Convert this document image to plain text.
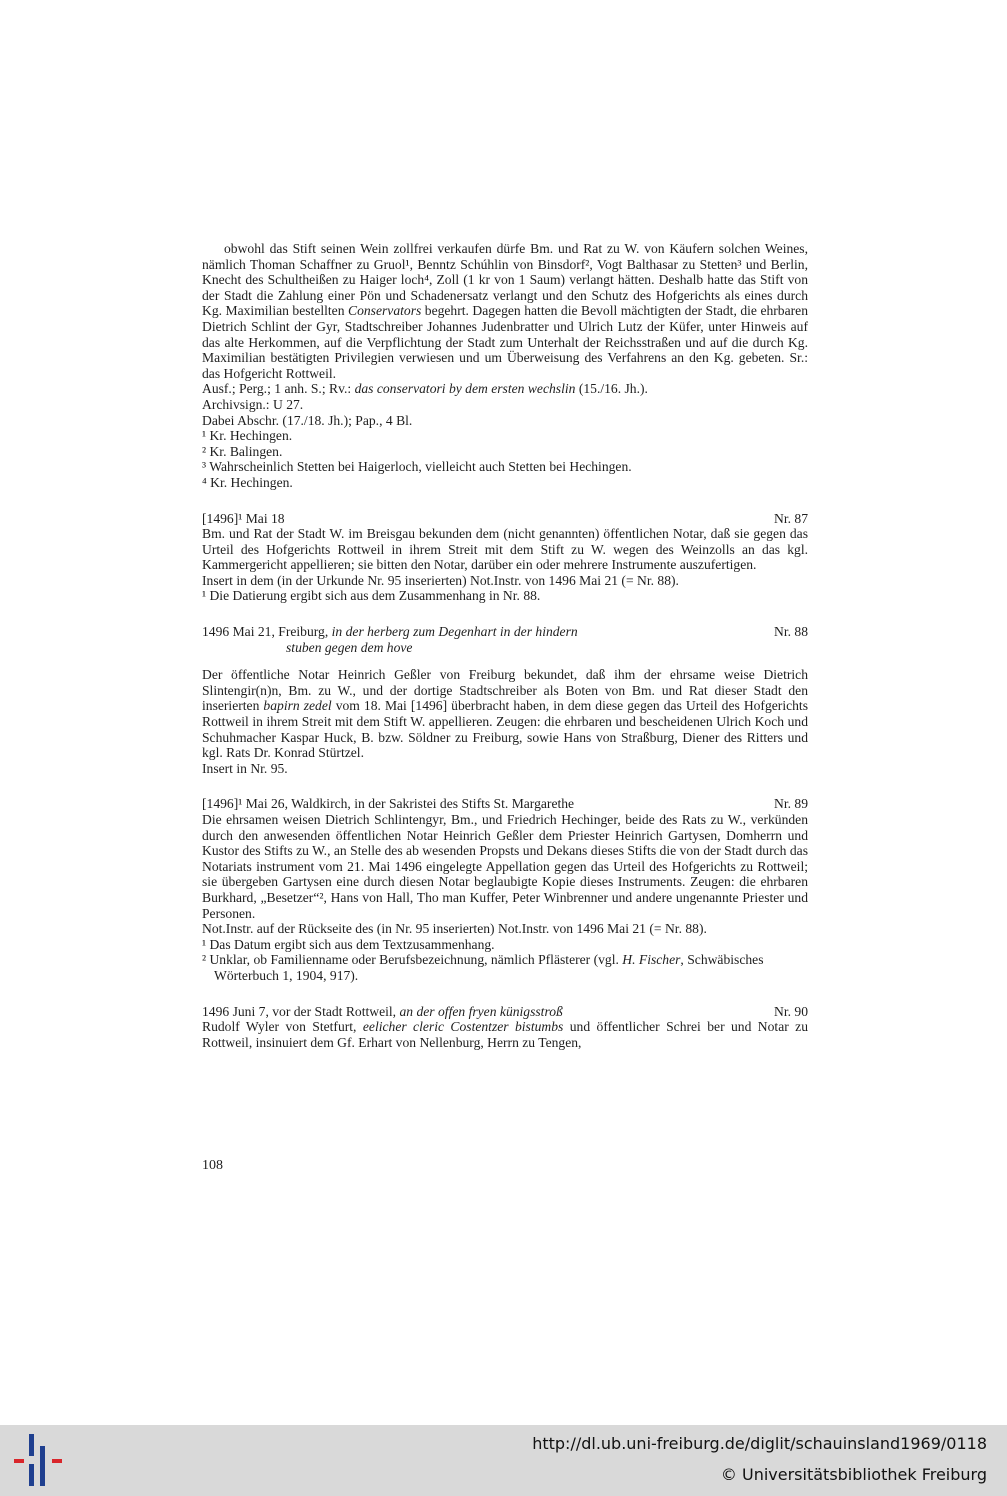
obwohl das Stift seinen Wein zollfrei verkaufen dürfe Bm. und Rat zu W. von Käufern solchen Weines, nämlich Thoman Schaffner zu Gruol¹, Benntz Schúhlin von Binsdorf², Vogt Balthasar zu Stetten³ und Berlin, Knecht des Schultheißen zu Haiger loch⁴, Zoll (1 kr von 1 Saum) verlangt hätten. Deshalb hatte das Stift von der Stadt die Zahlung einer Pön und Schadenersatz verlangt und den Schutz des Hofgerichts als eines durch Kg. Maximilian bestellten Conservators begehrt. Dagegen hatten die Bevoll mächtigten der Stadt, die ehrbaren Dietrich Schlint der Gyr, Stadtschreiber Johannes Judenbratter und Ulrich Lutz der Küfer, unter Hinweis auf das alte Herkommen, auf die Verpflichtung der Stadt zum Unterhalt der Reichsstraßen und auf die durch Kg. Maximilian bestätigten Privilegien verwiesen und um Überweisung des Verfahrens an den Kg. gebeten. Sr.: das Hofgericht Rottweil.

Ausf.; Perg.; 1 anh. S.; Rv.: das conservatori by dem ersten wechslin (15./16. Jh.).

Archivsign.: U 27.

Dabei Abschr. (17./18. Jh.); Pap., 4 Bl.

¹ Kr. Hechingen.

² Kr. Balingen.

³ Wahrscheinlich Stetten bei Haigerloch, vielleicht auch Stetten bei Hechingen.

⁴ Kr. Hechingen.

[1496]¹ Mai 18	Nr. 87

Bm. und Rat der Stadt W. im Breisgau bekunden dem (nicht genannten) öffentlichen Notar, daß sie gegen das Urteil des Hofgerichts Rottweil in ihrem Streit mit dem Stift zu W. wegen des Weinzolls an das kgl. Kammergericht appellieren; sie bitten den Notar, darüber ein oder mehrere Instrumente auszufertigen.

Insert in dem (in der Urkunde Nr. 95 inserierten) Not.Instr. von 1496 Mai 21 (= Nr. 88).

¹ Die Datierung ergibt sich aus dem Zusammenhang in Nr. 88.

1496 Mai 21, Freiburg, in der herberg zum Degenhart in der hindern	Nr. 88

stuben gegen dem hove

Der öffentliche Notar Heinrich Geßler von Freiburg bekundet, daß ihm der ehrsame weise Dietrich Slintengir(n)n, Bm. zu W., und der dortige Stadtschreiber als Boten von Bm. und Rat dieser Stadt den inserierten bapirn zedel vom 18. Mai [1496] überbracht haben, in dem diese gegen das Urteil des Hofgerichts Rottweil in ihrem Streit mit dem Stift W. appellieren. Zeugen: die ehrbaren und bescheidenen Ulrich Koch und Schuhmacher Kaspar Huck, B. bzw. Söldner zu Freiburg, sowie Hans von Straßburg, Diener des Ritters und kgl. Rats Dr. Konrad Stürtzel.

Insert in Nr. 95.

[1496]¹ Mai 26, Waldkirch, in der Sakristei des Stifts St. Margarethe	Nr. 89

Die ehrsamen weisen Dietrich Schlintengyr, Bm., und Friedrich Hechinger, beide des Rats zu W., verkünden durch den anwesenden öffentlichen Notar Heinrich Geßler dem Priester Heinrich Gartysen, Domherrn und Kustor des Stifts zu W., an Stelle des ab wesenden Propsts und Dekans dieses Stifts die von der Stadt durch das Notariats instrument vom 21. Mai 1496 eingelegte Appellation gegen das Urteil des Hofgerichts zu Rottweil; sie übergeben Gartysen eine durch diesen Notar beglaubigte Kopie dieses Instruments. Zeugen: die ehrbaren Burkhard, „Besetzer“², Hans von Hall, Tho man Kuffer, Peter Winbrenner und andere ungenannte Priester und Personen.

Not.Instr. auf der Rückseite des (in Nr. 95 inserierten) Not.Instr. von 1496 Mai 21 (= Nr. 88).

¹ Das Datum ergibt sich aus dem Textzusammenhang.

² Unklar, ob Familienname oder Berufsbezeichnung, nämlich Pflästerer (vgl. H. Fischer, Schwäbisches Wörterbuch 1, 1904, 917).

1496 Juni 7, vor der Stadt Rottweil, an der offen fryen künigsstroß	Nr. 90

Rudolf Wyler von Stetfurt, eelicher cleric Costentzer bistumbs und öffentlicher Schrei ber und Notar zu Rottweil, insinuiert dem Gf. Erhart von Nellenburg, Herrn zu Tengen,

108
http://dl.ub.uni-freiburg.de/diglit/schauinsland1969/0118
© Universitätsbibliothek Freiburg
